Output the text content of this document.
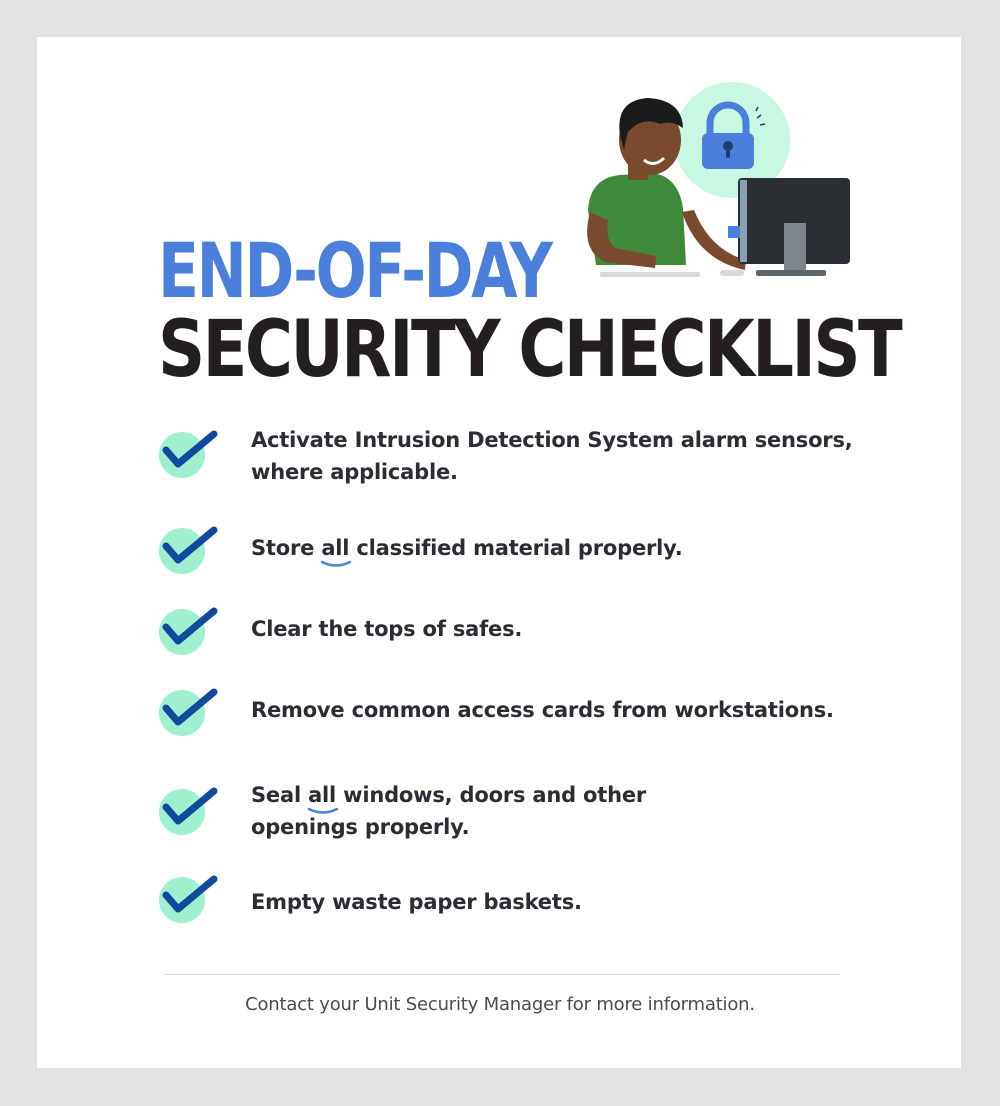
END-OF-DAY
SECURITY CHECKLIST
Activate Intrusion Detection System alarm sensors,
where applicable.
Store all
classified material properly.
Clear the tops of safes.
Remove common access cards from workstations.
Seal all
windows, doors and other
openings properly.
Empty waste paper baskets.
Contact your Unit Security Manager for more information.
